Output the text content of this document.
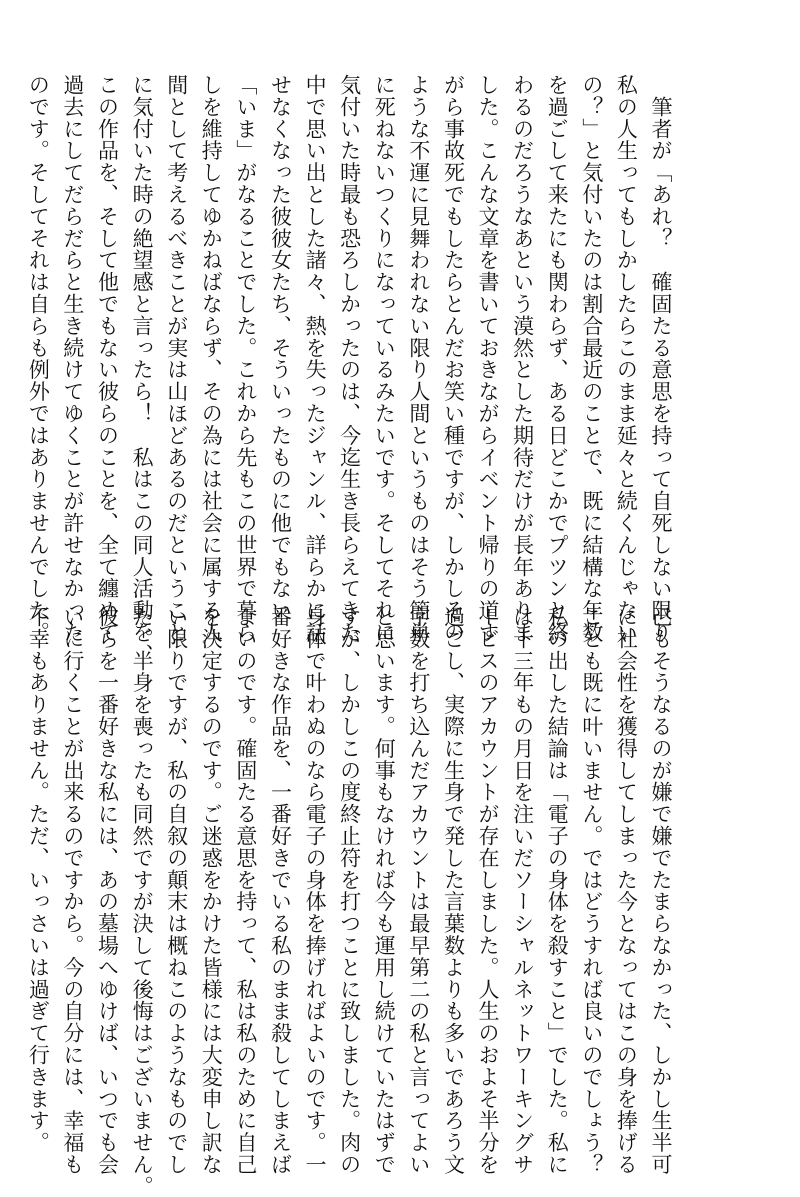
　筆者が「あれ？　確固たる意思を持って自死しない限り
私の人生ってもしかしたらこのまま延々と続くんじゃない
の？」と気付いたのは割合最近のことで、既に結構な年数
を過ごして来たにも関わらず、ある日どこかでプツンと終
わるのだろうなあという漠然とした期待だけが長年ありま
した。こんな文章を書いておきながらイベント帰りの道す
がら事故死でもしたらとんだお笑い種ですが、しかしその
ような不運に見舞われない限り人間というものはそう簡単
に死ねないつくりになっているみたいです。そしてそれに
気付いた時最も恐ろしかったのは、今迄生き長らえてきた
中で思い出とした諸々、熱を失ったジャンル、詳らかに話
せなくなった彼彼女たち、そういったものに他でもない
「いま」がなることでした。これから先もこの世界で暮ら
しを維持してゆかねばならず、その為には社会に属する人
間として考えるべきことが実は山ほどあるのだということ
に気付いた時の絶望感と言ったら！　私はこの同人活動を、
この作品を、そして他でもない彼らのことを、全て纏めて
過去にしてだらだらと生き続けてゆくことが許せなかった
のです。そしてそれは自らも例外ではありませんでした。
己もそうなるのが嫌で嫌でたまらなかった、しかし生半可
に社会性を獲得してしまった今となってはこの身を捧げる
ことも既に叶いません。ではどうすれば良いのでしょう？
私の出した結論は「電子の身体を殺すこと」でした。私に
は十三年もの月日を注いだソーシャルネットワーキングサ
ービスのアカウントが存在しました。人生のおよそ半分を
過ごし、実際に生身で発した言葉数よりも多いであろう文
字数を打ち込んだアカウントは最早第二の私と言ってよい
と思います。何事もなければ今も運用し続けていたはずで
すが、しかしこの度終止符を打つことに致しました。肉の
身体で叶わぬのなら電子の身体を捧げればよいのです。一
番好きな作品を、一番好きでいる私のまま殺してしまえば
よいのです。確固たる意思を持って、私は私のために自己
を決定するのです。ご迷惑をかけた皆様には大変申し訳な
い限りですが、私の自叙の顛末は概ねこのようなものでし
た。半身を喪ったも同然ですが決して後悔はございません。
彼らを一番好きな私には、あの墓場へゆけば、いつでも会
いに行くことが出来るのですから。今の自分には、幸福も
不幸もありません。ただ、いっさいは過ぎて行きます。
